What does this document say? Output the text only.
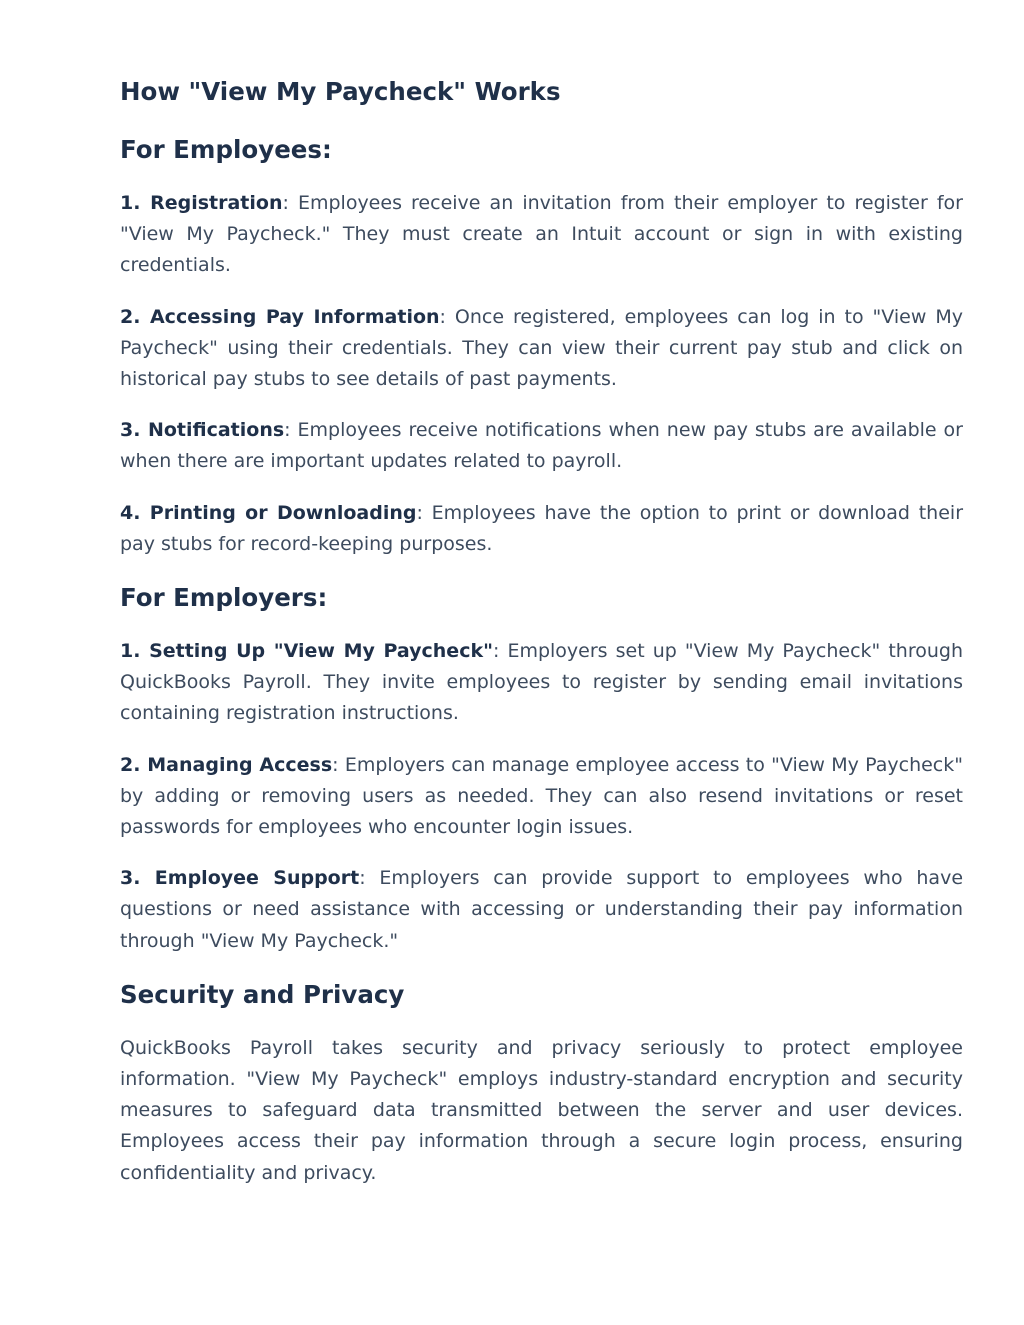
How "View My Paycheck" Works
For Employees:

1. Registration: Employees receive an invitation from their employer to register for "View My Paycheck." They must create an Intuit account or sign in with existing credentials.

2. Accessing Pay Information: Once registered, employees can log in to "View My Paycheck" using their credentials. They can view their current pay stub and click on historical pay stubs to see details of past payments.

3. Notifications: Employees receive notifications when new pay stubs are available or when there are important updates related to payroll.

4. Printing or Downloading: Employees have the option to print or download their pay stubs for record-keeping purposes.

For Employers:

1. Setting Up "View My Paycheck": Employers set up "View My Paycheck" through QuickBooks Payroll. They invite employees to register by sending email invitations containing registration instructions.

2. Managing Access: Employers can manage employee access to "View My Paycheck" by adding or removing users as needed. They can also resend invitations or reset passwords for employees who encounter login issues.

3. Employee Support: Employers can provide support to employees who have questions or need assistance with accessing or understanding their pay information through "View My Paycheck."

Security and Privacy

QuickBooks Payroll takes security and privacy seriously to protect employee information. "View My Paycheck" employs industry-standard encryption and security measures to safeguard data transmitted between the server and user devices. Employees access their pay information through a secure login process, ensuring confidentiality and privacy.
